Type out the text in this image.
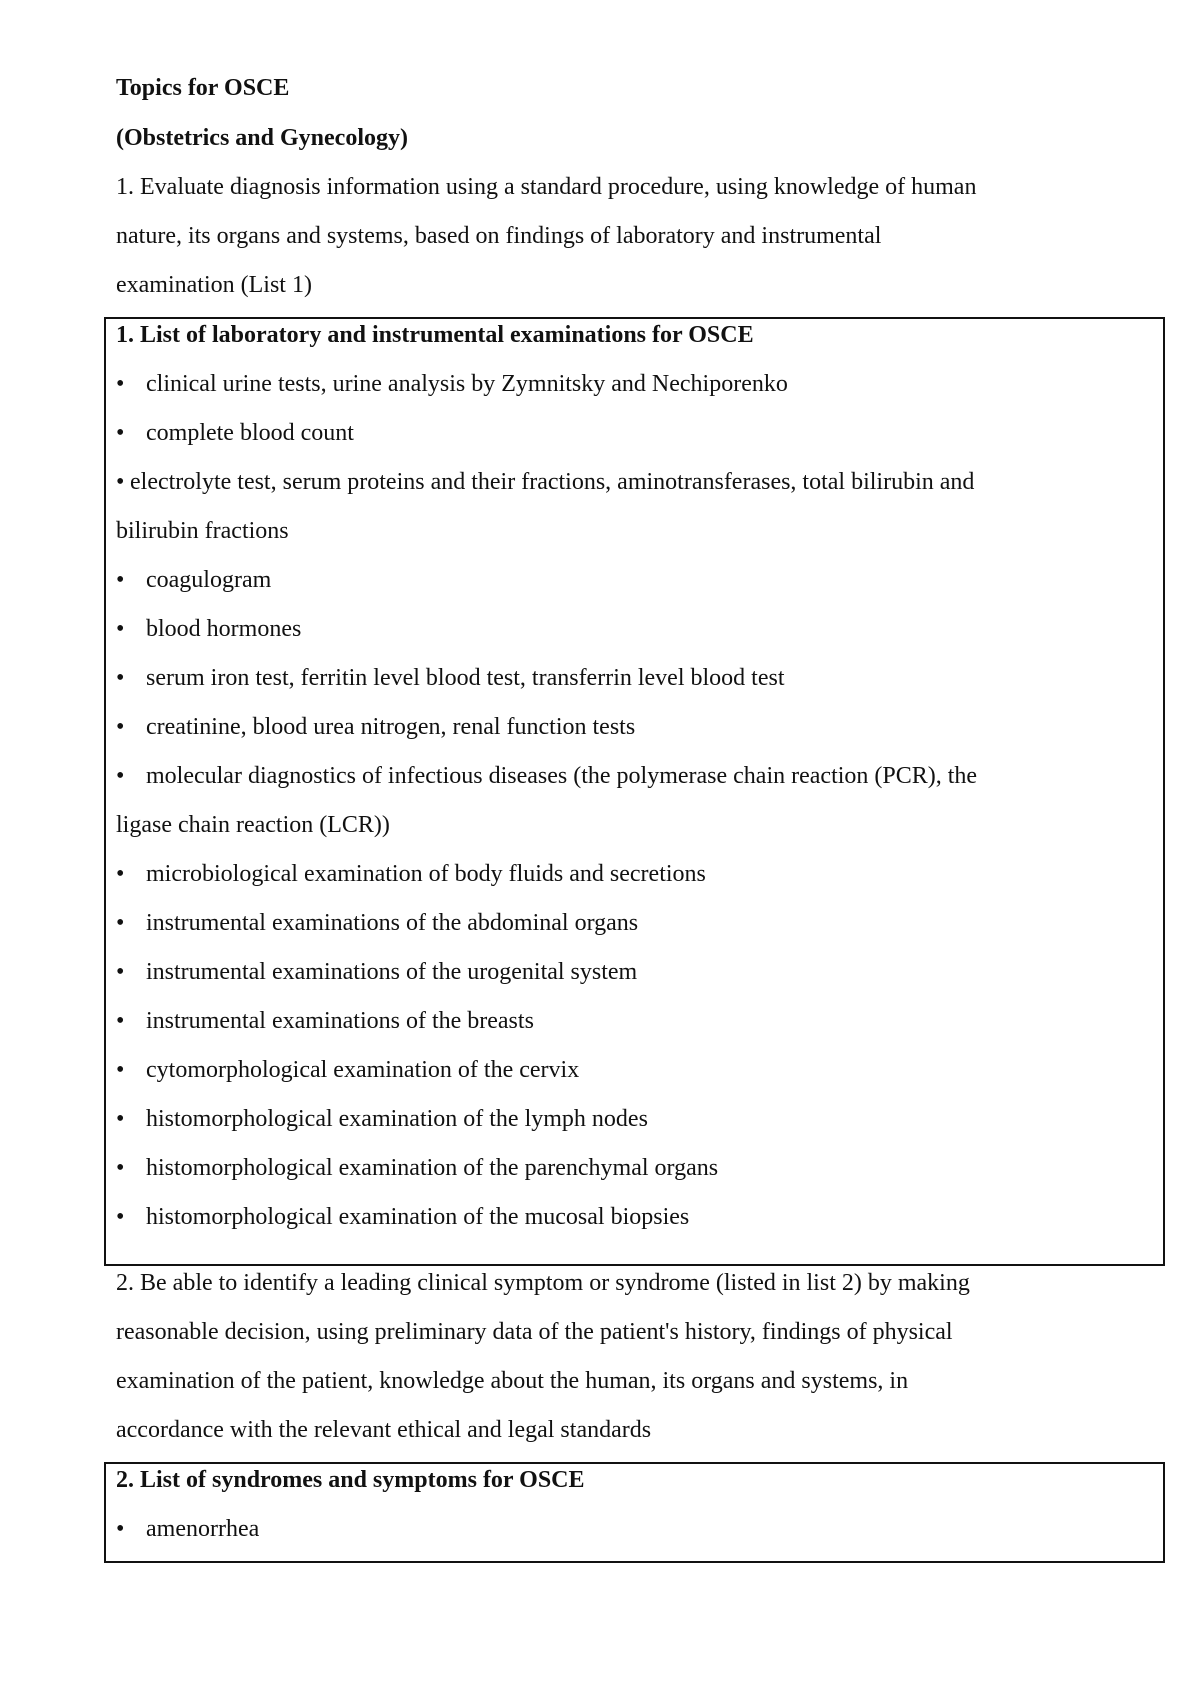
Topics for OSCE
(Obstetrics and Gynecology)
1. Evaluate diagnosis information using a standard procedure, using knowledge of human
nature, its organs and systems, based on findings of laboratory and instrumental
examination (List 1)
1. List of laboratory and instrumental examinations for OSCE
• clinical urine tests, urine analysis by Zymnitsky and Nechiporenko
• complete blood count
• electrolyte test, serum proteins and their fractions, aminotransferases, total bilirubin and
bilirubin fractions
• coagulogram
• blood hormones
• serum iron test, ferritin level blood test, transferrin level blood test
• creatinine, blood urea nitrogen, renal function tests
• molecular diagnostics of infectious diseases (the polymerase chain reaction (PCR), the
ligase chain reaction (LCR))
• microbiological examination of body fluids and secretions
• instrumental examinations of the abdominal organs
• instrumental examinations of the urogenital system
• instrumental examinations of the breasts
• cytomorphological examination of the cervix
• histomorphological examination of the lymph nodes
• histomorphological examination of the parenchymal organs
• histomorphological examination of the mucosal biopsies
2. Be able to identify a leading clinical symptom or syndrome (listed in list 2) by making
reasonable decision, using preliminary data of the patient's history, findings of physical
examination of the patient, knowledge about the human, its organs and systems, in
accordance with the relevant ethical and legal standards
2. List of syndromes and symptoms for OSCE
• amenorrhea
